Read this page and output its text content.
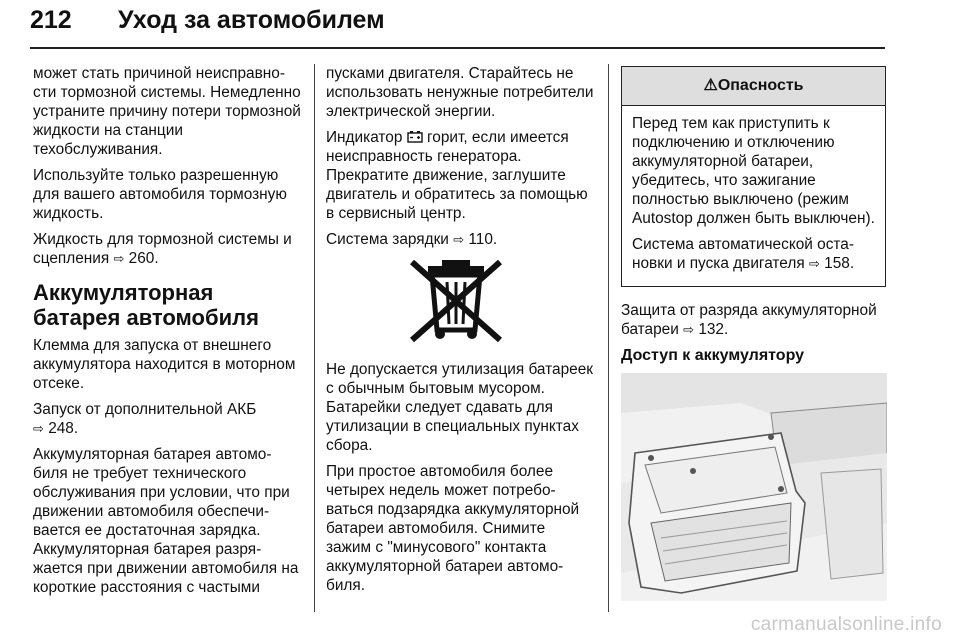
212 Уход за автомобилем

может стать причиной неисправности тормозной системы. Немедленно устраните причину потери тормозной жидкости на станции техобслуживания.

Используйте только разрешенную для вашего автомобиля тормозную жидкость.

Жидкость для тормозной системы и сцепления ⇨ 260.

Аккумуляторная батарея автомобиля

Клемма для запуска от внешнего аккумулятора находится в моторном отсеке.

Запуск от дополнительной АКБ
⇨ 248.

Аккумуляторная батарея автомобиля не требует технического обслуживания при условии, что при движении автомобиля обеспечивается ее достаточная зарядка. Аккумуляторная батарея разряжается при движении автомобиля на короткие расстояния с частыми

пусками двигателя. Старайтесь не использовать ненужные потребители электрической энергии.

Индикатор горит, если имеется неисправность генератора. Прекратите движение, заглушите двигатель и обратитесь за помощью в сервисный центр.

Система зарядки ⇨ 110.

Не допускается утилизация батареек с обычным бытовым мусором. Батарейки следует сдавать для утилизации в специальных пунктах сбора.

При простое автомобиля более четырех недель может потребоваться подзарядка аккумуляторной батареи автомобиля. Снимите зажим с "минусового" контакта аккумуляторной батареи автомобиля.

⚠Опасность

Перед тем как приступить к подключению и отключению аккумуляторной батареи, убедитесь, что зажигание полностью выключено (режим Autostop должен быть выключен).

Система автоматической остановки и пуска двигателя ⇨ 158.

Защита от разряда аккумуляторной батареи ⇨ 132.

Доступ к аккумулятору
carmanualsonline.info
